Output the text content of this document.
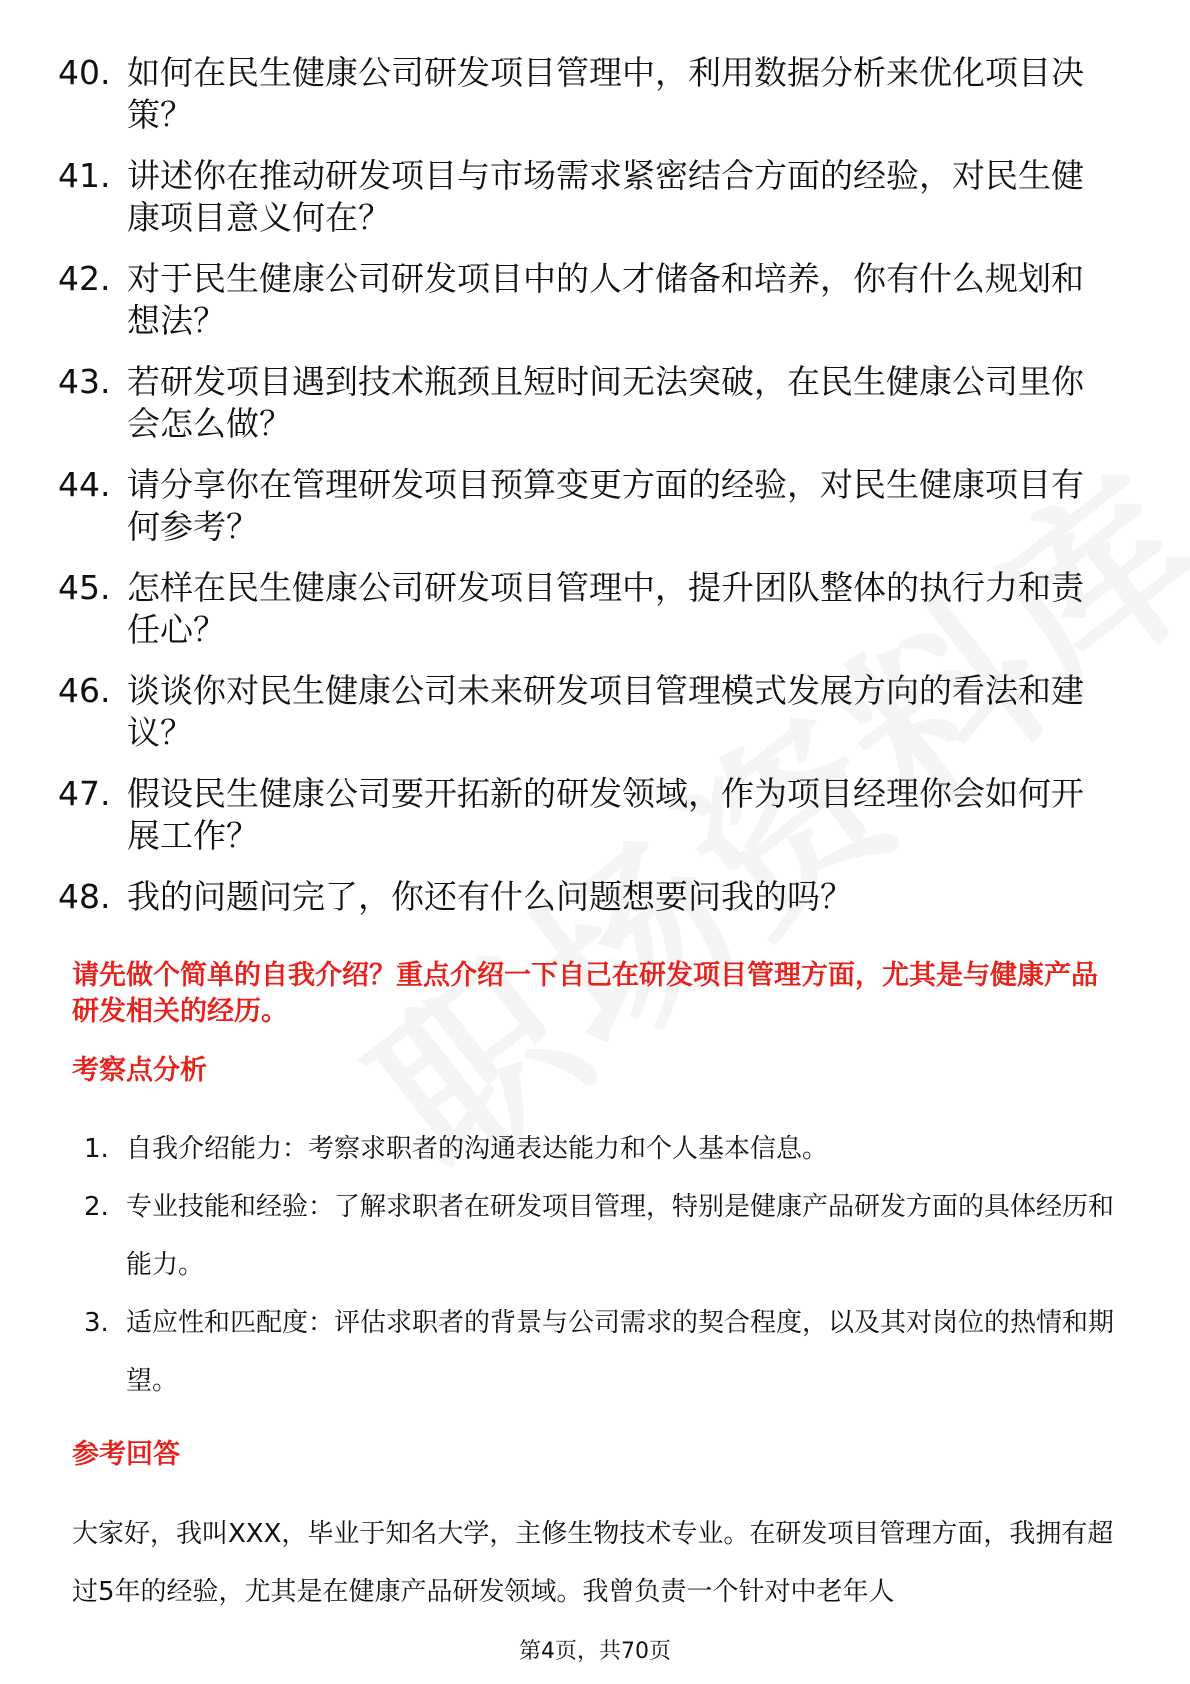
40. 如何在民生健康公司研发项目管理中，利用数据分析来优化项目决策？
41. 讲述你在推动研发项目与市场需求紧密结合方面的经验，对民生健康项目意义何在？
42. 对于民生健康公司研发项目中的人才储备和培养，你有什么规划和想法？
43. 若研发项目遇到技术瓶颈且短时间无法突破，在民生健康公司里你会怎么做？
44. 请分享你在管理研发项目预算变更方面的经验，对民生健康项目有何参考？
45. 怎样在民生健康公司研发项目管理中，提升团队整体的执行力和责任心？
46. 谈谈你对民生健康公司未来研发项目管理模式发展方向的看法和建议？
47. 假设民生健康公司要开拓新的研发领域，作为项目经理你会如何开展工作？
48. 我的问题问完了，你还有什么问题想要问我的吗？
请先做个简单的自我介绍？重点介绍一下自己在研发项目管理方面，尤其是与健康产品研发相关的经历。
考察点分析
1. 自我介绍能力：考察求职者的沟通表达能力和个人基本信息。
2. 专业技能和经验：了解求职者在研发项目管理，特别是健康产品研发方面的具体经历和能力。
3. 适应性和匹配度：评估求职者的背景与公司需求的契合程度，以及其对岗位的热情和期望。
参考回答
大家好，我叫XXX，毕业于知名大学，主修生物技术专业。在研发项目管理方面，我拥有超过5年的经验，尤其是在健康产品研发领域。我曾负责一个针对中老年人
第4页，共70页
